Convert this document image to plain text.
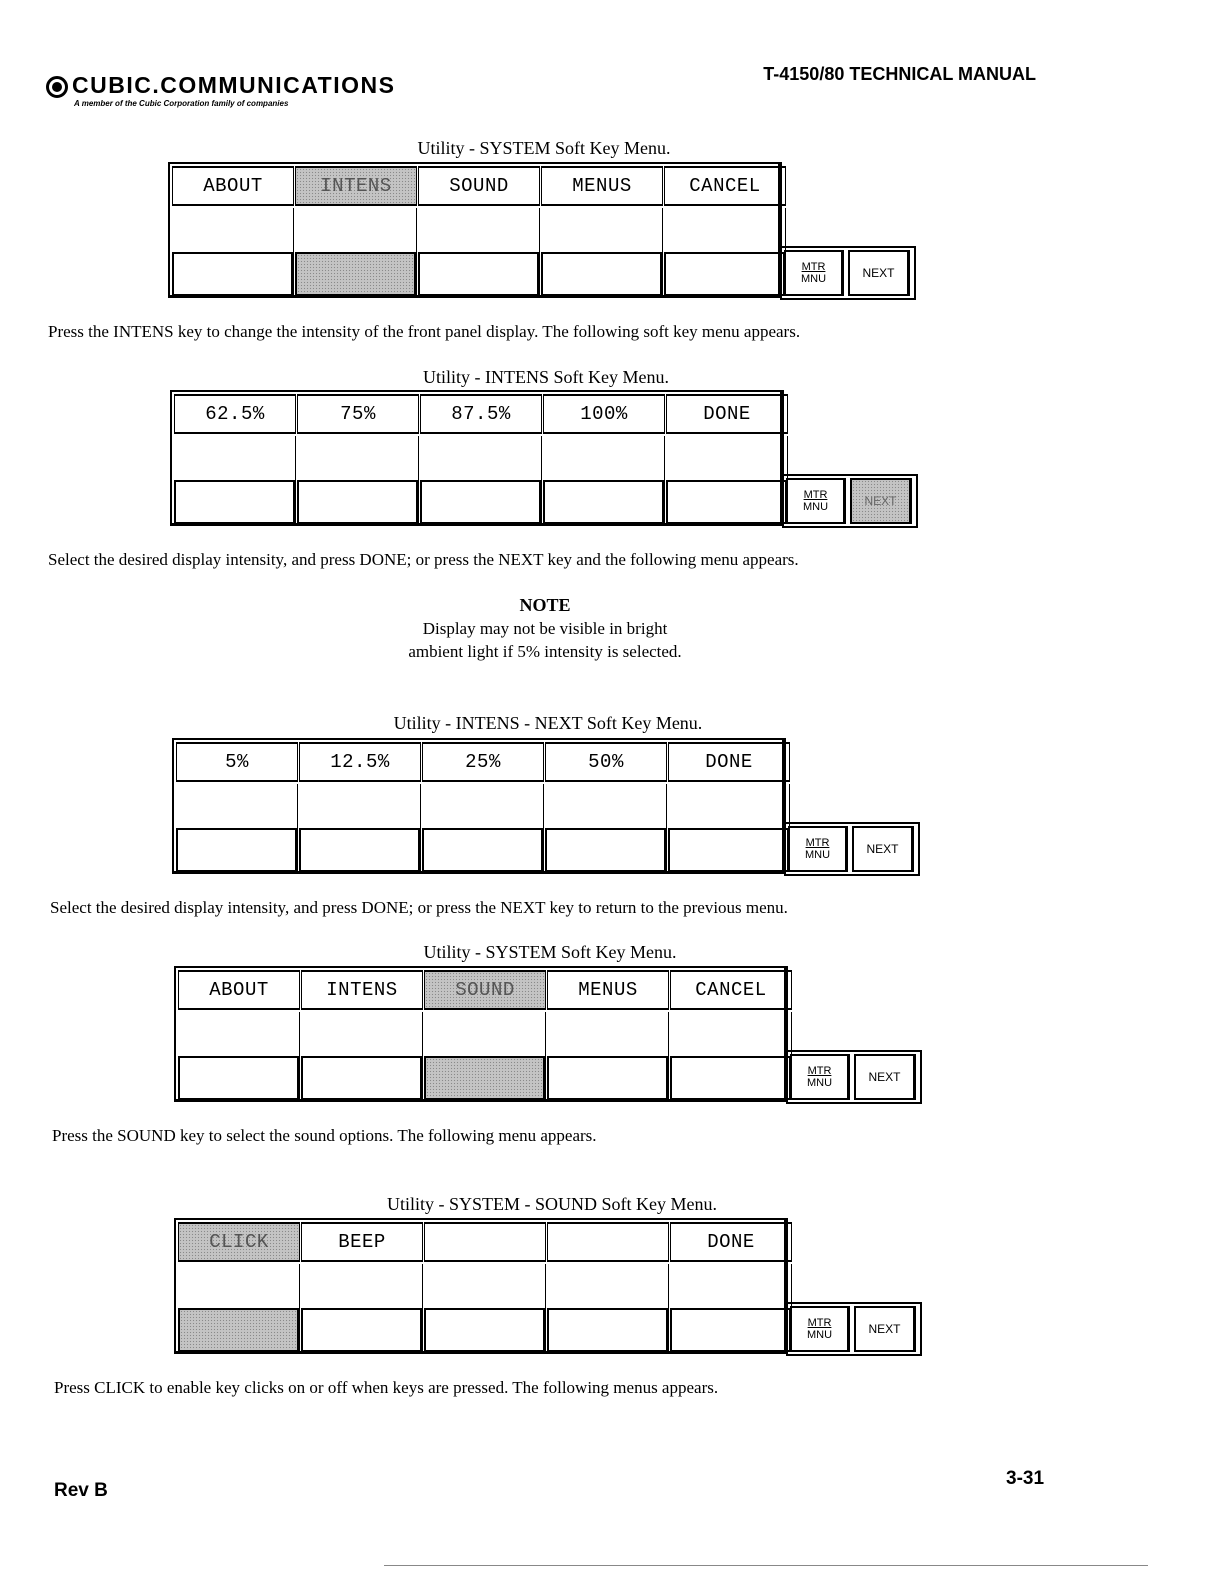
CUBIC.COMMUNICATIONS
A member of the Cubic Corporation family of companies
T-4150/80 TECHNICAL MANUAL
Utility - SYSTEM Soft Key Menu.
ABOUT	INTENS	SOUND	MENUS	CANCEL
MTR
MNU	NEXT
Press the INTENS key to change the intensity of the front panel display. The following soft key menu appears.
Utility - INTENS Soft Key Menu.
62.5%	75%	87.5%	100%	DONE
MTR
MNU	NEXT
Select the desired display intensity, and press DONE; or press the NEXT key and the following menu appears.
NOTE
Display may not be visible in bright
ambient light if 5% intensity is selected.
Utility - INTENS - NEXT Soft Key Menu.
5%	12.5%	25%	50%	DONE
MTR
MNU	NEXT
Select the desired display intensity, and press DONE; or press the NEXT key to return to the previous menu.
Utility - SYSTEM Soft Key Menu.
ABOUT	INTENS	SOUND	MENUS	CANCEL
MTR
MNU	NEXT
Press the SOUND key to select the sound options. The following menu appears.
Utility - SYSTEM - SOUND Soft Key Menu.
CLICK	BEEP	DONE
MTR
MNU	NEXT
Press CLICK to enable key clicks on or off when keys are pressed. The following menus appears.
Rev B
3-31
